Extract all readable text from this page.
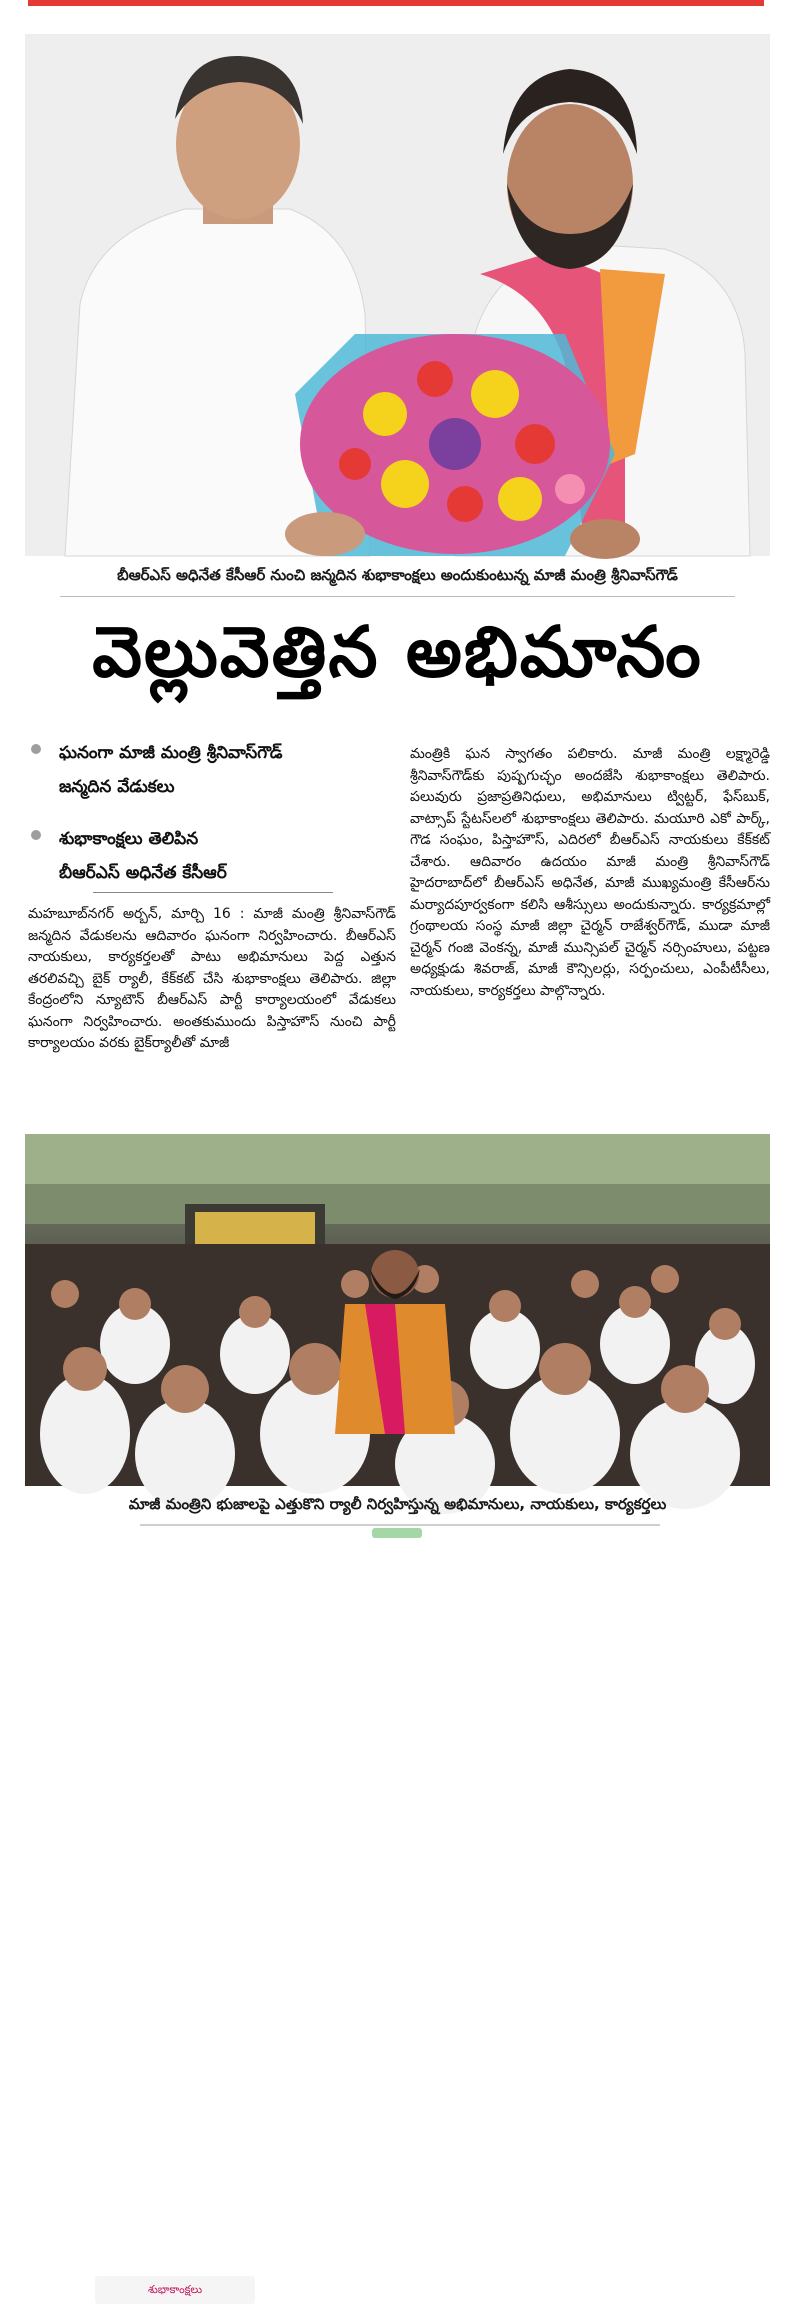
బీఆర్ఎస్ అధినేత కేసీఆర్ నుంచి జన్మదిన శుభాకాంక్షలు అందుకుంటున్న మాజీ మంత్రి శ్రీనివాస్‌గౌడ్
వెల్లువెత్తిన అభిమానం
ఘనంగా మాజీ మంత్రి శ్రీనివాస్‌గౌడ్
జన్మదిన వేడుకలు
శుభాకాంక్షలు తెలిపిన
బీఆర్ఎస్ అధినేత కేసీఆర్
మహబూబ్‌నగర్ అర్బన్, మార్చి 16 : మాజీ మంత్రి శ్రీనివాస్‌గౌడ్ జన్మదిన వేడుకలను ఆదివారం ఘనంగా నిర్వహించారు. బీఆర్ఎస్ నాయకులు, కార్యకర్తలతో పాటు అభిమానులు పెద్ద ఎత్తున తరలివచ్చి బైక్ ర్యాలీ, కేక్‌కట్ చేసి శుభాకాంక్షలు తెలిపారు. జిల్లా కేంద్రంలోని న్యూటౌన్ బీఆర్ఎస్ పార్టీ కార్యాలయంలో వేడుకలు ఘనంగా నిర్వహించారు. అంతకుముందు పిస్తాహౌస్ నుంచి పార్టీ కార్యాలయం వరకు బైక్‌ర్యాలీతో మాజీ
మంత్రికి ఘన స్వాగతం పలికారు. మాజీ మంత్రి లక్ష్మారెడ్డి శ్రీనివాస్‌గౌడ్‌కు పుష్పగుచ్ఛం అందజేసి శుభాకాంక్షలు తెలిపారు. పలువురు ప్రజాప్రతినిధులు, అభిమానులు ట్విట్టర్, ఫేస్‌బుక్, వాట్సాప్ స్టేటస్‌లలో శుభాకాంక్షలు తెలిపారు. మయూరి ఎకో పార్క్, గౌడ సంఘం, పిస్తాహౌస్, ఎదిరలో బీఆర్ఎస్ నాయకులు కేక్‌కట్ చేశారు. ఆదివారం ఉదయం మాజీ మంత్రి శ్రీనివాస్‌గౌడ్ హైదరాబాద్‌లో బీఆర్ఎస్ అధినేత, మాజీ ముఖ్యమంత్రి కేసీఆర్‌ను మర్యాదపూర్వకంగా కలిసి ఆశీస్సులు అందుకున్నారు. కార్యక్రమాల్లో గ్రంథాలయ సంస్థ మాజీ జిల్లా చైర్మన్ రాజేశ్వర్‌గౌడ్, ముడా మాజీ చైర్మన్ గంజి వెంకన్న, మాజీ మున్సిపల్ చైర్మన్ నర్సింహులు, పట్టణ అధ్యక్షుడు శివరాజ్, మాజీ కౌన్సిలర్లు, సర్పంచులు, ఎంపీటీసీలు, నాయకులు, కార్యకర్తలు పాల్గొన్నారు.
శుభాకాంక్షలు
మాజీ మంత్రిని భుజాలపై ఎత్తుకొని ర్యాలీ నిర్వహిస్తున్న అభిమానులు, నాయకులు, కార్యకర్తలు
